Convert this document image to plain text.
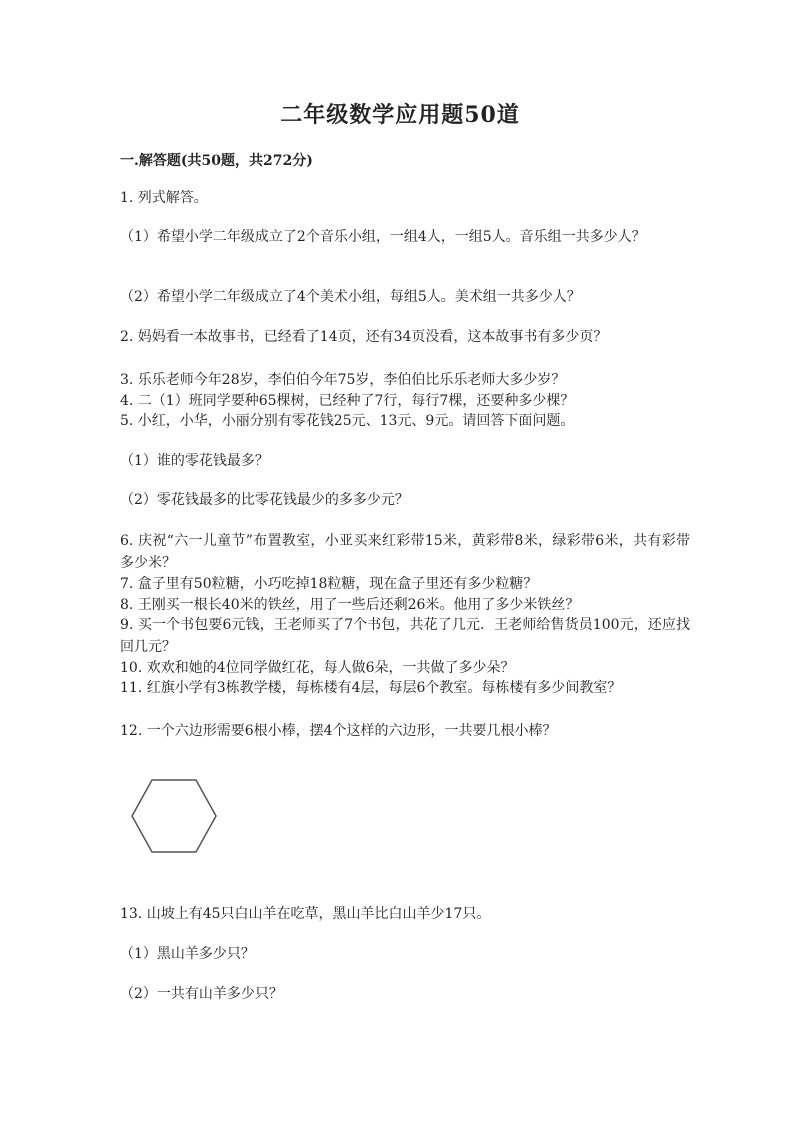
二年级数学应用题50道
一.解答题(共50题，共272分)
1. 列式解答。
（1）希望小学二年级成立了2个音乐小组，一组4人，一组5人。音乐组一共多少人？
（2）希望小学二年级成立了4个美术小组，每组5人。美术组一共多少人？
2. 妈妈看一本故事书，已经看了14页，还有34页没看，这本故事书有多少页？
3. 乐乐老师今年28岁，李伯伯今年75岁，李伯伯比乐乐老师大多少岁？
4. 二（1）班同学要种65棵树，已经种了7行，每行7棵，还要种多少棵？
5. 小红，小华，小丽分别有零花钱25元、13元、9元。请回答下面问题。
（1）谁的零花钱最多？
（2）零花钱最多的比零花钱最少的多多少元？
6. 庆祝“六一儿童节”布置教室，小亚买来红彩带15米，黄彩带8米，绿彩带6米，共有彩带多少米？
7. 盒子里有50粒糖，小巧吃掉18粒糖，现在盒子里还有多少粒糖？
8. 王刚买一根长40米的铁丝，用了一些后还剩26米。他用了多少米铁丝？
9. 买一个书包要6元钱，王老师买了7个书包，共花了几元．王老师给售货员100元，还应找回几元？
10. 欢欢和她的4位同学做红花，每人做6朵，一共做了多少朵？
11. 红旗小学有3栋教学楼，每栋楼有4层，每层6个教室。每栋楼有多少间教室？
12. 一个六边形需要6根小棒，摆4个这样的六边形，一共要几根小棒？
13. 山坡上有45只白山羊在吃草，黑山羊比白山羊少17只。
（1）黑山羊多少只？
（2）一共有山羊多少只？
